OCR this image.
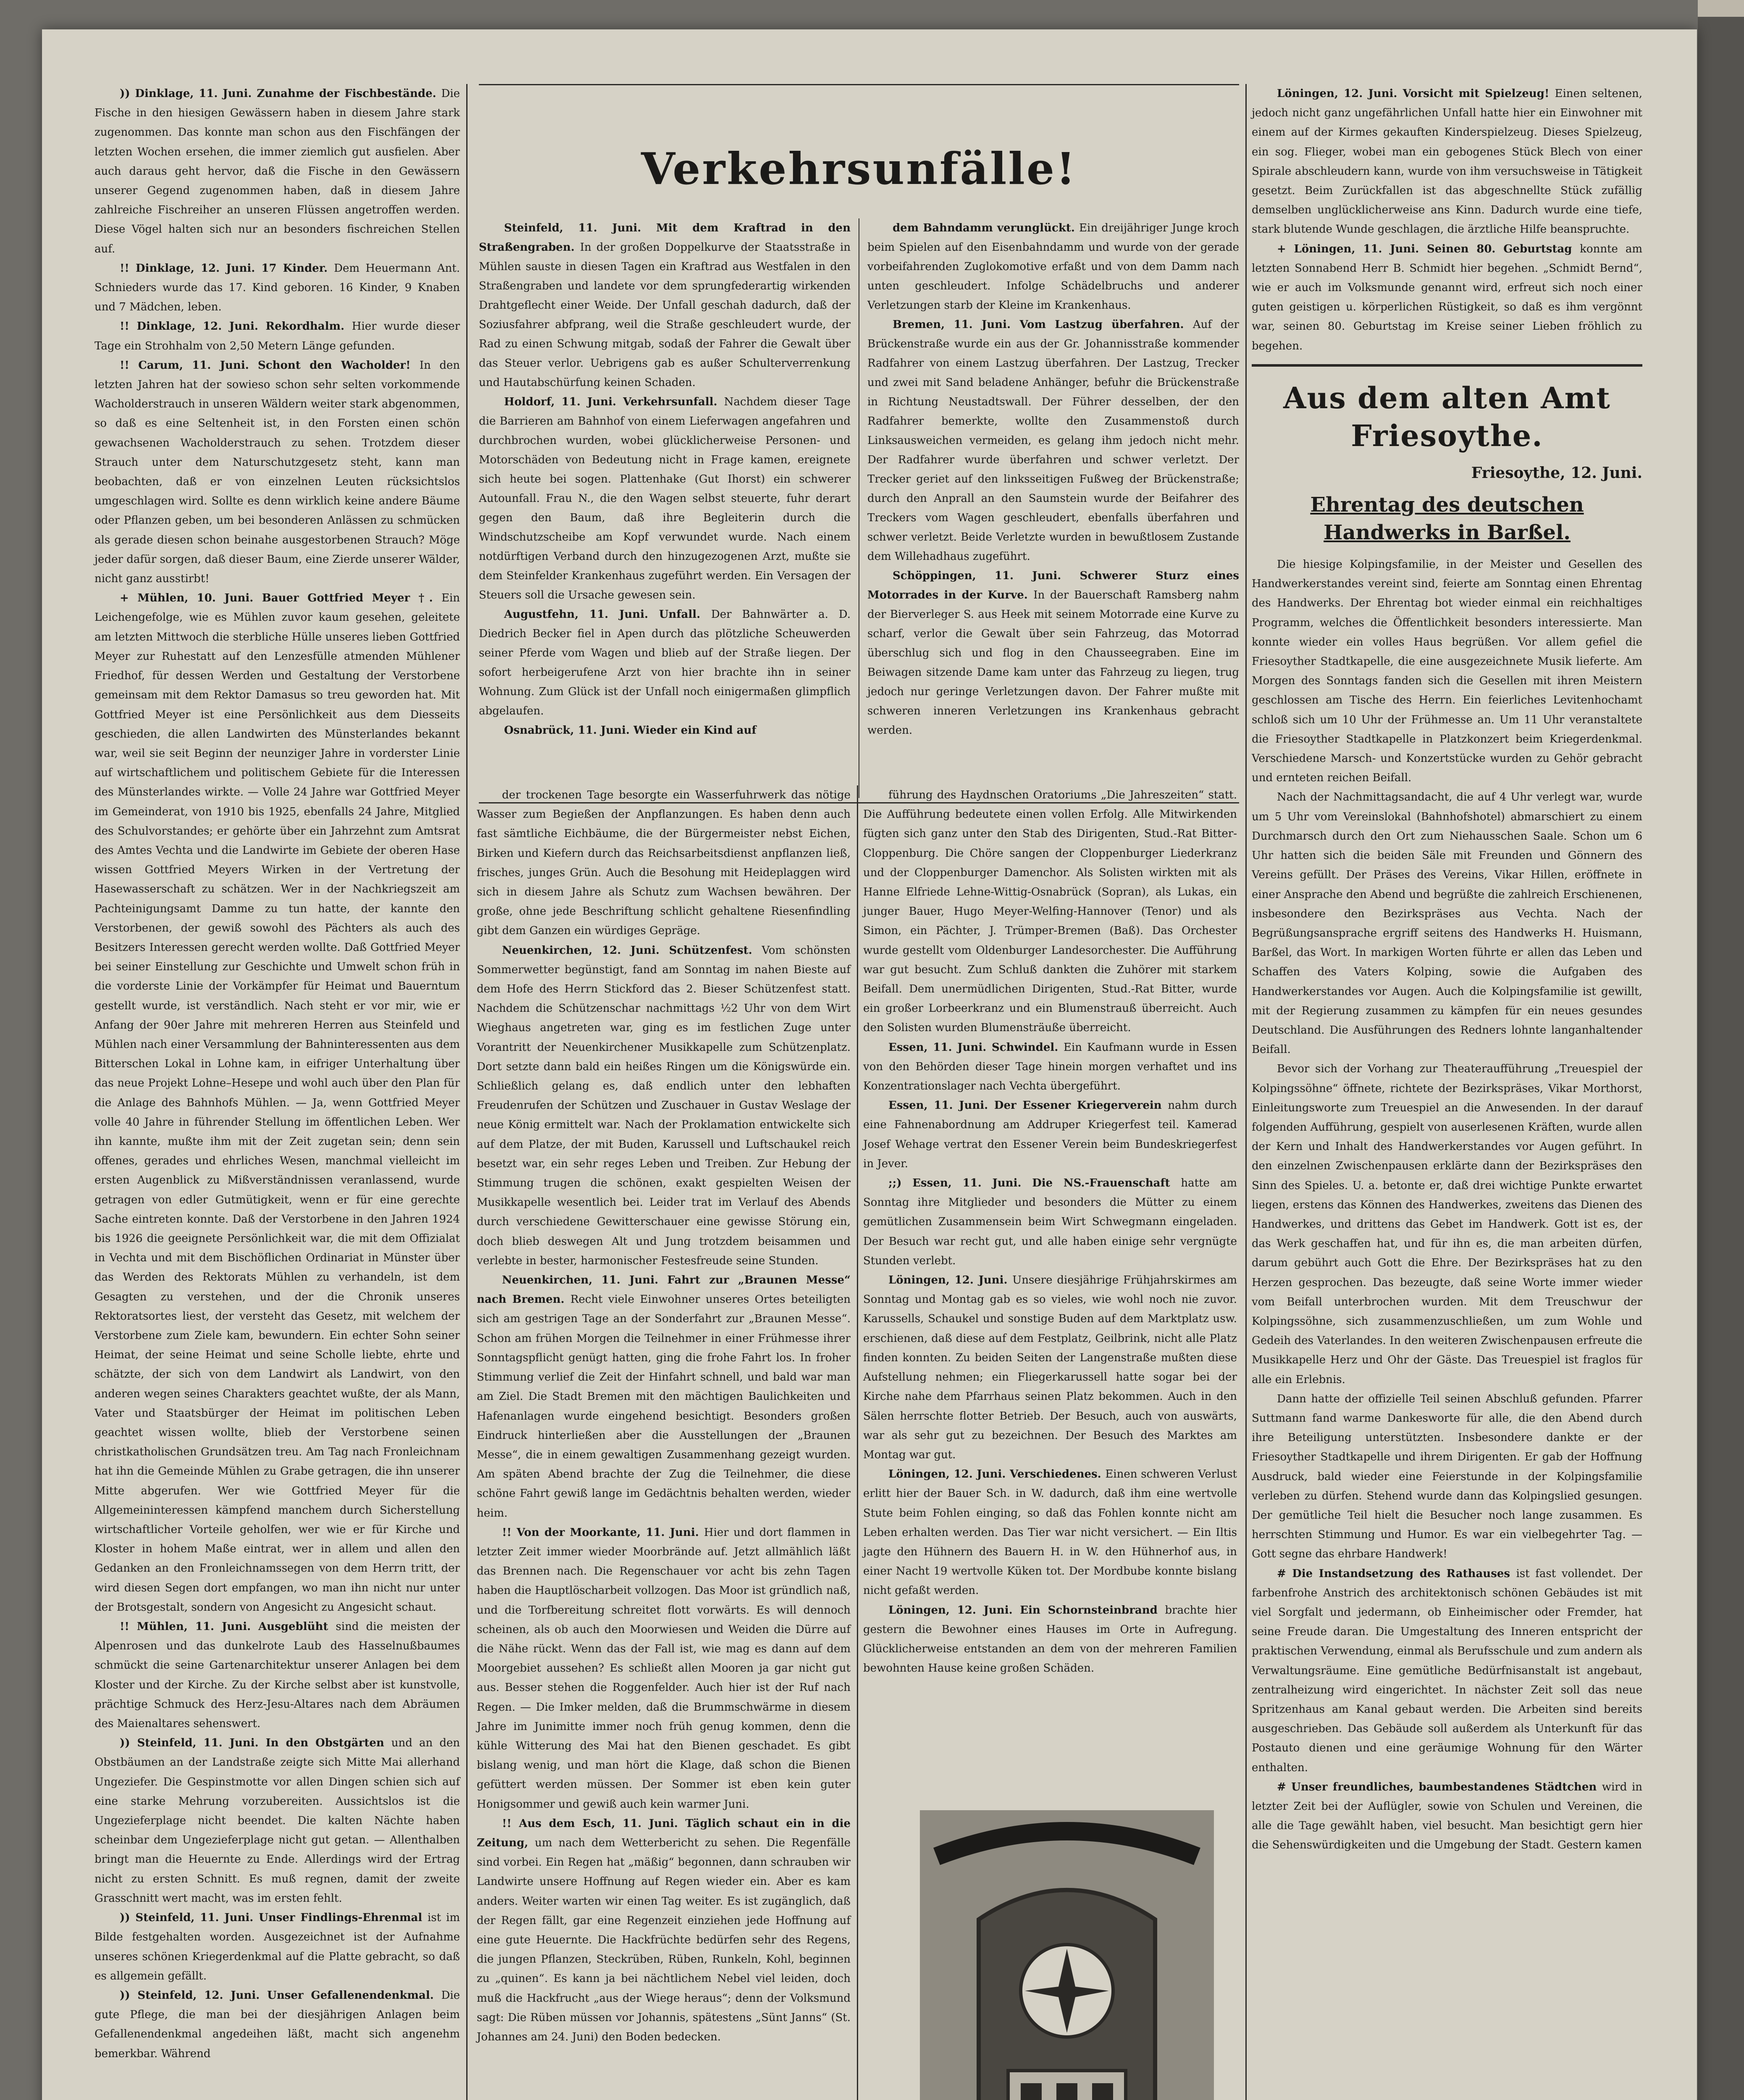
)) Dinklage, 11. Juni. Zunahme der Fischbestände. Die Fische in den hiesigen Gewässern haben in diesem Jahre stark zugenommen. Das konnte man schon aus den Fischfängen der letzten Wochen ersehen, die immer ziemlich gut ausfielen. Aber auch daraus geht hervor, daß die Fische in den Gewässern unserer Gegend zugenommen haben, daß in diesem Jahre zahlreiche Fischreiher an unseren Flüssen angetroffen werden. Diese Vögel halten sich nur an besonders fischreichen Stellen auf.

!! Dinklage, 12. Juni. 17 Kinder. Dem Heuermann Ant. Schnieders wurde das 17. Kind geboren. 16 Kinder, 9 Knaben und 7 Mädchen, leben.

!! Dinklage, 12. Juni. Rekordhalm. Hier wurde dieser Tage ein Strohhalm von 2,50 Metern Länge gefunden.

!! Carum, 11. Juni. Schont den Wacholder! In den letzten Jahren hat der sowieso schon sehr selten vorkommende Wacholderstrauch in unseren Wäldern weiter stark abgenommen, so daß es eine Seltenheit ist, in den Forsten einen schön gewachsenen Wacholderstrauch zu sehen. Trotzdem dieser Strauch unter dem Naturschutzgesetz steht, kann man beobachten, daß er von einzelnen Leuten rücksichtslos umgeschlagen wird. Sollte es denn wirklich keine andere Bäume oder Pflanzen geben, um bei besonderen Anlässen zu schmücken als gerade diesen schon beinahe ausgestorbenen Strauch? Möge jeder dafür sorgen, daß dieser Baum, eine Zierde unserer Wälder, nicht ganz ausstirbt!

+ Mühlen, 10. Juni. Bauer Gottfried Meyer †. Ein Leichengefolge, wie es Mühlen zuvor kaum gesehen, geleitete am letzten Mittwoch die sterbliche Hülle unseres lieben Gottfried Meyer zur Ruhestatt auf den Lenzesfülle atmenden Mühlener Friedhof, für dessen Werden und Gestaltung der Verstorbene gemeinsam mit dem Rektor Damasus so treu geworden hat. Mit Gottfried Meyer ist eine Persönlichkeit aus dem Diesseits geschieden, die allen Landwirten des Münsterlandes bekannt war, weil sie seit Beginn der neunziger Jahre in vorderster Linie auf wirtschaftlichem und politischem Gebiete für die Interessen des Münsterlandes wirkte. — Volle 24 Jahre war Gottfried Meyer im Gemeinderat, von 1910 bis 1925, ebenfalls 24 Jahre, Mitglied des Schulvorstandes; er gehörte über ein Jahrzehnt zum Amtsrat des Amtes Vechta und die Landwirte im Gebiete der oberen Hase wissen Gottfried Meyers Wirken in der Vertretung der Hasewasserschaft zu schätzen. Wer in der Nachkriegszeit am Pachteinigungsamt Damme zu tun hatte, der kannte den Verstorbenen, der gewiß sowohl des Pächters als auch des Besitzers Interessen gerecht werden wollte. Daß Gottfried Meyer bei seiner Einstellung zur Geschichte und Umwelt schon früh in die vorderste Linie der Vorkämpfer für Heimat und Bauerntum gestellt wurde, ist verständlich. Nach steht er vor mir, wie er Anfang der 90er Jahre mit mehreren Herren aus Steinfeld und Mühlen nach einer Versammlung der Bahninteressenten aus dem Bitterschen Lokal in Lohne kam, in eifriger Unterhaltung über das neue Projekt Lohne–Hesepe und wohl auch über den Plan für die Anlage des Bahnhofs Mühlen. — Ja, wenn Gottfried Meyer volle 40 Jahre in führender Stellung im öffentlichen Leben. Wer ihn kannte, mußte ihm mit der Zeit zugetan sein; denn sein offenes, gerades und ehrliches Wesen, manchmal vielleicht im ersten Augenblick zu Mißverständnissen veranlassend, wurde getragen von edler Gutmütigkeit, wenn er für eine gerechte Sache eintreten konnte. Daß der Verstorbene in den Jahren 1924 bis 1926 die geeignete Persönlichkeit war, die mit dem Offizialat in Vechta und mit dem Bischöflichen Ordinariat in Münster über das Werden des Rektorats Mühlen zu verhandeln, ist dem Gesagten zu verstehen, und der die Chronik unseres Rektoratsortes liest, der versteht das Gesetz, mit welchem der Verstorbene zum Ziele kam, bewundern. Ein echter Sohn seiner Heimat, der seine Heimat und seine Scholle liebte, ehrte und schätzte, der sich von dem Landwirt als Landwirt, von den anderen wegen seines Charakters geachtet wußte, der als Mann, Vater und Staatsbürger der Heimat im politischen Leben geachtet wissen wollte, blieb der Verstorbene seinen christkatholischen Grundsätzen treu. Am Tag nach Fronleichnam hat ihn die Gemeinde Mühlen zu Grabe getragen, die ihn unserer Mitte abgerufen. Wer wie Gottfried Meyer für die Allgemeininteressen kämpfend manchem durch Sicherstellung wirtschaftlicher Vorteile geholfen, wer wie er für Kirche und Kloster in hohem Maße eintrat, wer in allem und allen den Gedanken an den Fronleichnamssegen von dem Herrn tritt, der wird diesen Segen dort empfangen, wo man ihn nicht nur unter der Brotsgestalt, sondern von Angesicht zu Angesicht schaut.

!! Mühlen, 11. Juni. Ausgeblüht sind die meisten der Alpenrosen und das dunkelrote Laub des Hasselnußbaumes schmückt die seine Gartenarchitektur unserer Anlagen bei dem Kloster und der Kirche. Zu der Kirche selbst aber ist kunstvolle, prächtige Schmuck des Herz-Jesu-Altares nach dem Abräumen des Maienaltares sehenswert.

)) Steinfeld, 11. Juni. In den Obstgärten und an den Obstbäumen an der Landstraße zeigte sich Mitte Mai allerhand Ungeziefer. Die Gespinstmotte vor allen Dingen schien sich auf eine starke Mehrung vorzubereiten. Aussichtslos ist die Ungezieferplage nicht beendet. Die kalten Nächte haben scheinbar dem Ungezieferplage nicht gut getan. — Allenthalben bringt man die Heuernte zu Ende. Allerdings wird der Ertrag nicht zu ersten Schnitt. Es muß regnen, damit der zweite Grasschnitt wert macht, was im ersten fehlt.

)) Steinfeld, 11. Juni. Unser Findlings-Ehrenmal ist im Bilde festgehalten worden. Ausgezeichnet ist der Aufnahme unseres schönen Kriegerdenkmal auf die Platte gebracht, so daß es allgemein gefällt.

)) Steinfeld, 12. Juni. Unser Gefallenendenkmal. Die gute Pflege, die man bei der diesjährigen Anlagen beim Gefallenendenkmal angedeihen läßt, macht sich angenehm bemerkbar. Während

Verkehrsunfälle!

Steinfeld, 11. Juni. Mit dem Kraftrad in den Straßengraben. In der großen Doppelkurve der Staatsstraße in Mühlen sauste in diesen Tagen ein Kraftrad aus Westfalen in den Straßengraben und landete vor dem sprungfederartig wirkenden Drahtgeflecht einer Weide. Der Unfall geschah dadurch, daß der Soziusfahrer abfprang, weil die Straße geschleudert wurde, der Rad zu einen Schwung mitgab, sodaß der Fahrer die Gewalt über das Steuer verlor. Uebrigens gab es außer Schulterverrenkung und Hautabschürfung keinen Schaden.

Holdorf, 11. Juni. Verkehrsunfall. Nachdem dieser Tage die Barrieren am Bahnhof von einem Lieferwagen angefahren und durchbrochen wurden, wobei glücklicherweise Personen- und Motorschäden von Bedeutung nicht in Frage kamen, ereignete sich heute bei sogen. Plattenhake (Gut Ihorst) ein schwerer Autounfall. Frau N., die den Wagen selbst steuerte, fuhr derart gegen den Baum, daß ihre Begleiterin durch die Windschutzscheibe am Kopf verwundet wurde. Nach einem notdürftigen Verband durch den hinzugezogenen Arzt, mußte sie dem Steinfelder Krankenhaus zugeführt werden. Ein Versagen der Steuers soll die Ursache gewesen sein.

Augustfehn, 11. Juni. Unfall. Der Bahnwärter a. D. Diedrich Becker fiel in Apen durch das plötzliche Scheuwerden seiner Pferde vom Wagen und blieb auf der Straße liegen. Der sofort herbeigerufene Arzt von hier brachte ihn in seiner Wohnung. Zum Glück ist der Unfall noch einigermaßen glimpflich abgelaufen.

Osnabrück, 11. Juni. Wieder ein Kind auf

dem Bahndamm verunglückt. Ein dreijähriger Junge kroch beim Spielen auf den Eisenbahndamm und wurde von der gerade vorbeifahrenden Zuglokomotive erfaßt und von dem Damm nach unten geschleudert. Infolge Schädelbruchs und anderer Verletzungen starb der Kleine im Krankenhaus.

Bremen, 11. Juni. Vom Lastzug überfahren. Auf der Brückenstraße wurde ein aus der Gr. Johannisstraße kommender Radfahrer von einem Lastzug überfahren. Der Lastzug, Trecker und zwei mit Sand beladene Anhänger, befuhr die Brückenstraße in Richtung Neustadtswall. Der Führer desselben, der den Radfahrer bemerkte, wollte den Zusammenstoß durch Linksausweichen vermeiden, es gelang ihm jedoch nicht mehr. Der Radfahrer wurde überfahren und schwer verletzt. Der Trecker geriet auf den linksseitigen Fußweg der Brückenstraße; durch den Anprall an den Saumstein wurde der Beifahrer des Treckers vom Wagen geschleudert, ebenfalls überfahren und schwer verletzt. Beide Verletzte wurden in bewußtlosem Zustande dem Willehadhaus zugeführt.

Schöppingen, 11. Juni. Schwerer Sturz eines Motorrades in der Kurve. In der Bauerschaft Ramsberg nahm der Bierverleger S. aus Heek mit seinem Motorrade eine Kurve zu scharf, verlor die Gewalt über sein Fahrzeug, das Motorrad überschlug sich und flog in den Chausseegraben. Eine im Beiwagen sitzende Dame kam unter das Fahrzeug zu liegen, trug jedoch nur geringe Verletzungen davon. Der Fahrer mußte mit schweren inneren Verletzungen ins Krankenhaus gebracht werden.

der trockenen Tage besorgte ein Wasserfuhrwerk das nötige Wasser zum Begießen der Anpflanzungen. Es haben denn auch fast sämtliche Eichbäume, die der Bürgermeister nebst Eichen, Birken und Kiefern durch das Reichsarbeitsdienst anpflanzen ließ, frisches, junges Grün. Auch die Besohung mit Heideplaggen wird sich in diesem Jahre als Schutz zum Wachsen bewähren. Der große, ohne jede Beschriftung schlicht gehaltene Riesenfindling gibt dem Ganzen ein würdiges Gepräge.

Neuenkirchen, 12. Juni. Schützenfest. Vom schönsten Sommerwetter begünstigt, fand am Sonntag im nahen Bieste auf dem Hofe des Herrn Stickford das 2. Bieser Schützenfest statt. Nachdem die Schützenschar nachmittags ½2 Uhr von dem Wirt Wieghaus angetreten war, ging es im festlichen Zuge unter Vorantritt der Neuenkirchener Musikkapelle zum Schützenplatz. Dort setzte dann bald ein heißes Ringen um die Königswürde ein. Schließlich gelang es, daß endlich unter den lebhaften Freudenrufen der Schützen und Zuschauer in Gustav Weslage der neue König ermittelt war. Nach der Proklamation entwickelte sich auf dem Platze, der mit Buden, Karussell und Luftschaukel reich besetzt war, ein sehr reges Leben und Treiben. Zur Hebung der Stimmung trugen die schönen, exakt gespielten Weisen der Musikkapelle wesentlich bei. Leider trat im Verlauf des Abends durch verschiedene Gewitterschauer eine gewisse Störung ein, doch blieb deswegen Alt und Jung trotzdem beisammen und verlebte in bester, harmonischer Festesfreude seine Stunden.

Neuenkirchen, 11. Juni. Fahrt zur „Braunen Messe“ nach Bremen. Recht viele Einwohner unseres Ortes beteiligten sich am gestrigen Tage an der Sonderfahrt zur „Braunen Messe“. Schon am frühen Morgen die Teilnehmer in einer Frühmesse ihrer Sonntagspflicht genügt hatten, ging die frohe Fahrt los. In froher Stimmung verlief die Zeit der Hinfahrt schnell, und bald war man am Ziel. Die Stadt Bremen mit den mächtigen Baulichkeiten und Hafenanlagen wurde eingehend besichtigt. Besonders großen Eindruck hinterließen aber die Ausstellungen der „Braunen Messe“, die in einem gewaltigen Zusammenhang gezeigt wurden. Am späten Abend brachte der Zug die Teilnehmer, die diese schöne Fahrt gewiß lange im Gedächtnis behalten werden, wieder heim.

!! Von der Moorkante, 11. Juni. Hier und dort flammen in letzter Zeit immer wieder Moorbrände auf. Jetzt allmählich läßt das Brennen nach. Die Regenschauer vor acht bis zehn Tagen haben die Hauptlöscharbeit vollzogen. Das Moor ist gründlich naß, und die Torfbereitung schreitet flott vorwärts. Es will dennoch scheinen, als ob auch den Moorwiesen und Weiden die Dürre auf die Nähe rückt. Wenn das der Fall ist, wie mag es dann auf dem Moorgebiet aussehen? Es schließt allen Mooren ja gar nicht gut aus. Besser stehen die Roggenfelder. Auch hier ist der Ruf nach Regen. — Die Imker melden, daß die Brummschwärme in diesem Jahre im Junimitte immer noch früh genug kommen, denn die kühle Witterung des Mai hat den Bienen geschadet. Es gibt bislang wenig, und man hört die Klage, daß schon die Bienen gefüttert werden müssen. Der Sommer ist eben kein guter Honigsommer und gewiß auch kein warmer Juni.

!! Aus dem Esch, 11. Juni. Täglich schaut ein in die Zeitung, um nach dem Wetterbericht zu sehen. Die Regenfälle sind vorbei. Ein Regen hat „mäßig“ begonnen, dann schrauben wir Landwirte unsere Hoffnung auf Regen wieder ein. Aber es kam anders. Weiter warten wir einen Tag weiter. Es ist zugänglich, daß der Regen fällt, gar eine Regenzeit einziehen jede Hoffnung auf eine gute Heuernte. Die Hackfrüchte bedürfen sehr des Regens, die jungen Pflanzen, Steckrüben, Rüben, Runkeln, Kohl, beginnen zu „quinen“. Es kann ja bei nächtlichem Nebel viel leiden, doch muß die Hackfrucht „aus der Wiege heraus“; denn der Volksmund sagt: Die Rüben müssen vor Johannis, spätestens „Sünt Janns“ (St. Johannes am 24. Juni) den Boden bedecken.

führung des Haydnschen Oratoriums „Die Jahreszeiten“ statt. Die Aufführung bedeutete einen vollen Erfolg. Alle Mitwirkenden fügten sich ganz unter den Stab des Dirigenten, Stud.-Rat Bitter-Cloppenburg. Die Chöre sangen der Cloppenburger Liederkranz und der Cloppenburger Damenchor. Als Solisten wirkten mit als Hanne Elfriede Lehne-Wittig-Osnabrück (Sopran), als Lukas, ein junger Bauer, Hugo Meyer-Welfing-Hannover (Tenor) und als Simon, ein Pächter, J. Trümper-Bremen (Baß). Das Orchester wurde gestellt vom Oldenburger Landesorchester. Die Aufführung war gut besucht. Zum Schluß dankten die Zuhörer mit starkem Beifall. Dem unermüdlichen Dirigenten, Stud.-Rat Bitter, wurde ein großer Lorbeerkranz und ein Blumenstrauß überreicht. Auch den Solisten wurden Blumensträuße überreicht.

Essen, 11. Juni. Schwindel. Ein Kaufmann wurde in Essen von den Behörden dieser Tage hinein morgen verhaftet und ins Konzentrationslager nach Vechta übergeführt.

Essen, 11. Juni. Der Essener Kriegerverein nahm durch eine Fahnenabordnung am Addruper Kriegerfest teil. Kamerad Josef Wehage vertrat den Essener Verein beim Bundeskriegerfest in Jever.

;;) Essen, 11. Juni. Die NS.-Frauenschaft hatte am Sonntag ihre Mitglieder und besonders die Mütter zu einem gemütlichen Zusammensein beim Wirt Schwegmann eingeladen. Der Besuch war recht gut, und alle haben einige sehr vergnügte Stunden verlebt.

Löningen, 12. Juni. Unsere diesjährige Frühjahrskirmes am Sonntag und Montag gab es so vieles, wie wohl noch nie zuvor. Karussells, Schaukel und sonstige Buden auf dem Marktplatz usw. erschienen, daß diese auf dem Festplatz, Geilbrink, nicht alle Platz finden konnten. Zu beiden Seiten der Langenstraße mußten diese Aufstellung nehmen; ein Fliegerkarussell hatte sogar bei der Kirche nahe dem Pfarrhaus seinen Platz bekommen. Auch in den Sälen herrschte flotter Betrieb. Der Besuch, auch von auswärts, war als sehr gut zu bezeichnen. Der Besuch des Marktes am Montag war gut.

Löningen, 12. Juni. Verschiedenes. Einen schweren Verlust erlitt hier der Bauer Sch. in W. dadurch, daß ihm eine wertvolle Stute beim Fohlen einging, so daß das Fohlen konnte nicht am Leben erhalten werden. Das Tier war nicht versichert. — Ein Iltis jagte den Hühnern des Bauern H. in W. den Hühnerhof aus, in einer Nacht 19 wertvolle Küken tot. Der Mordbube konnte bislang nicht gefaßt werden.

Löningen, 12. Juni. Ein Schornsteinbrand brachte hier gestern die Bewohner eines Hauses im Orte in Aufregung. Glücklicherweise entstanden an dem von der mehreren Familien bewohnten Hause keine großen Schäden.

Löningen, 12. Juni. Vorsicht mit Spielzeug! Einen seltenen, jedoch nicht ganz ungefährlichen Unfall hatte hier ein Einwohner mit einem auf der Kirmes gekauften Kinderspielzeug. Dieses Spielzeug, ein sog. Flieger, wobei man ein gebogenes Stück Blech von einer Spirale abschleudern kann, wurde von ihm versuchsweise in Tätigkeit gesetzt. Beim Zurückfallen ist das abgeschnellte Stück zufällig demselben unglücklicherweise ans Kinn. Dadurch wurde eine tiefe, stark blutende Wunde geschlagen, die ärztliche Hilfe beanspruchte.

+ Löningen, 11. Juni. Seinen 80. Geburtstag konnte am letzten Sonnabend Herr B. Schmidt hier begehen. „Schmidt Bernd“, wie er auch im Volksmunde genannt wird, erfreut sich noch einer guten geistigen u. körperlichen Rüstigkeit, so daß es ihm vergönnt war, seinen 80. Geburtstag im Kreise seiner Lieben fröhlich zu begehen.

Aus dem alten Amt Friesoythe.
Friesoythe, 12. Juni.
Ehrentag des deutschen Handwerks in Barßel.

Die hiesige Kolpingsfamilie, in der Meister und Gesellen des Handwerkerstandes vereint sind, feierte am Sonntag einen Ehrentag des Handwerks. Der Ehrentag bot wieder einmal ein reichhaltiges Programm, welches die Öffentlichkeit besonders interessierte. Man konnte wieder ein volles Haus begrüßen. Vor allem gefiel die Friesoyther Stadtkapelle, die eine ausgezeichnete Musik lieferte. Am Morgen des Sonntags fanden sich die Gesellen mit ihren Meistern geschlossen am Tische des Herrn. Ein feierliches Levitenhochamt schloß sich um 10 Uhr der Frühmesse an. Um 11 Uhr veranstaltete die Friesoyther Stadtkapelle in Platzkonzert beim Kriegerdenkmal. Verschiedene Marsch- und Konzertstücke wurden zu Gehör gebracht und ernteten reichen Beifall.

Nach der Nachmittagsandacht, die auf 4 Uhr verlegt war, wurde um 5 Uhr vom Vereinslokal (Bahnhofshotel) abmarschiert zu einem Durchmarsch durch den Ort zum Niehausschen Saale. Schon um 6 Uhr hatten sich die beiden Säle mit Freunden und Gönnern des Vereins gefüllt. Der Präses des Vereins, Vikar Hillen, eröffnete in einer Ansprache den Abend und begrüßte die zahlreich Erschienenen, insbesondere den Bezirkspräses aus Vechta. Nach der Begrüßungsansprache ergriff seitens des Handwerks H. Huismann, Barßel, das Wort. In markigen Worten führte er allen das Leben und Schaffen des Vaters Kolping, sowie die Aufgaben des Handwerkerstandes vor Augen. Auch die Kolpingsfamilie ist gewillt, mit der Regierung zusammen zu kämpfen für ein neues gesundes Deutschland. Die Ausführungen des Redners lohnte langanhaltender Beifall.

Bevor sich der Vorhang zur Theateraufführung „Treuespiel der Kolpingssöhne“ öffnete, richtete der Bezirkspräses, Vikar Morthorst, Einleitungsworte zum Treuespiel an die Anwesenden. In der darauf folgenden Aufführung, gespielt von auserlesenen Kräften, wurde allen der Kern und Inhalt des Handwerkerstandes vor Augen geführt. In den einzelnen Zwischenpausen erklärte dann der Bezirkspräses den Sinn des Spieles. U. a. betonte er, daß drei wichtige Punkte erwartet liegen, erstens das Können des Handwerkes, zweitens das Dienen des Handwerkes, und drittens das Gebet im Handwerk. Gott ist es, der das Werk geschaffen hat, und für ihn es, die man arbeiten dürfen, darum gebührt auch Gott die Ehre. Der Bezirkspräses hat zu den Herzen gesprochen. Das bezeugte, daß seine Worte immer wieder vom Beifall unterbrochen wurden. Mit dem Treuschwur der Kolpingssöhne, sich zusammenzuschließen, um zum Wohle und Gedeih des Vaterlandes. In den weiteren Zwischenpausen erfreute die Musikkapelle Herz und Ohr der Gäste. Das Treuespiel ist fraglos für alle ein Erlebnis.

Dann hatte der offizielle Teil seinen Abschluß gefunden. Pfarrer Suttmann fand warme Dankesworte für alle, die den Abend durch ihre Beteiligung unterstützten. Insbesondere dankte er der Friesoyther Stadtkapelle und ihrem Dirigenten. Er gab der Hoffnung Ausdruck, bald wieder eine Feierstunde in der Kolpingsfamilie verleben zu dürfen. Stehend wurde dann das Kolpingslied gesungen. Der gemütliche Teil hielt die Besucher noch lange zusammen. Es herrschten Stimmung und Humor. Es war ein vielbegehrter Tag. — Gott segne das ehrbare Handwerk!

# Die Instandsetzung des Rathauses ist fast vollendet. Der farbenfrohe Anstrich des architektonisch schönen Gebäudes ist mit viel Sorgfalt und jedermann, ob Einheimischer oder Fremder, hat seine Freude daran. Die Umgestaltung des Inneren entspricht der praktischen Verwendung, einmal als Berufsschule und zum andern als Verwaltungsräume. Eine gemütliche Bedürfnisanstalt ist angebaut, zentralheizung wird eingerichtet. In nächster Zeit soll das neue Spritzenhaus am Kanal gebaut werden. Die Arbeiten sind bereits ausgeschrieben. Das Gebäude soll außerdem als Unterkunft für das Postauto dienen und eine geräumige Wohnung für den Wärter enthalten.

# Unser freundliches, baumbestandenes Städtchen wird in letzter Zeit bei der Auflügler, sowie von Schulen und Vereinen, die alle die Tage gewählt haben, viel besucht. Man besichtigt gern hier die Sehenswürdigkeiten und die Umgebung der Stadt. Gestern kamen
